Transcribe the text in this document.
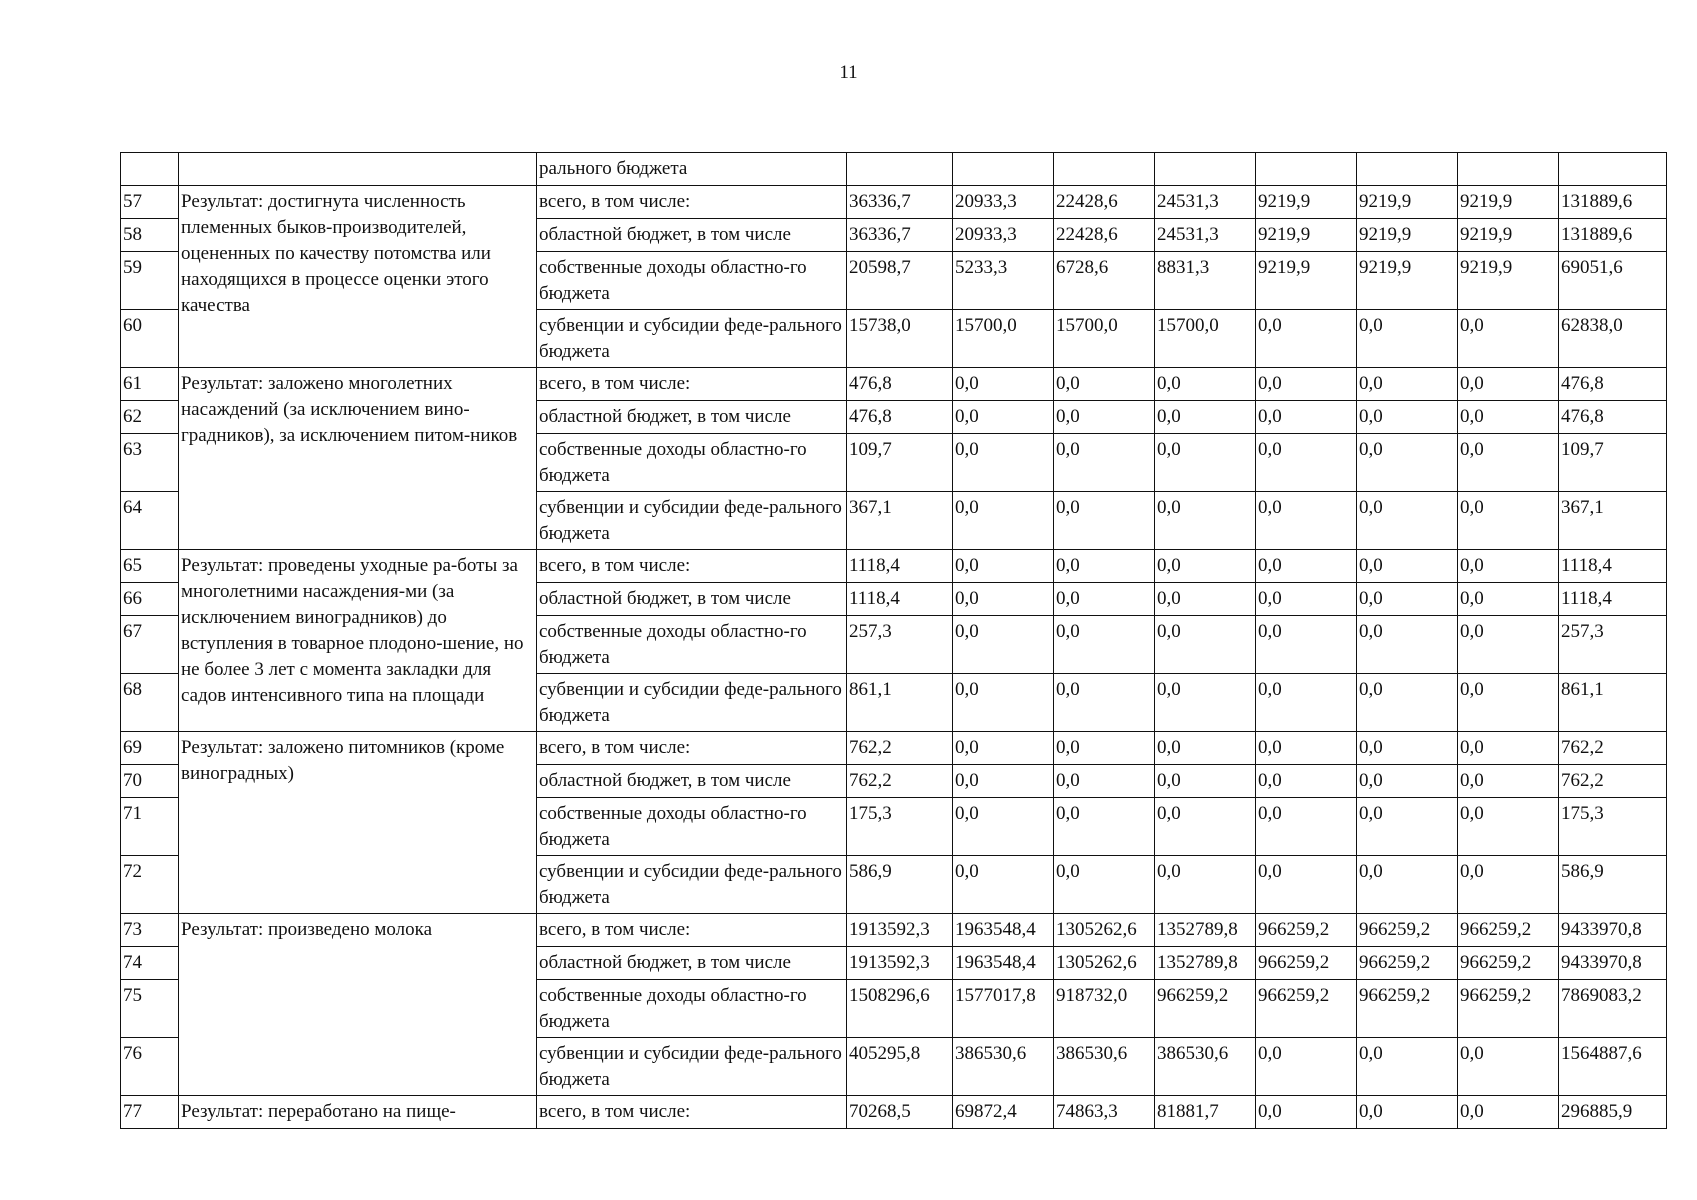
11
		рального бюджета								
57	Результат: достигнута численность племенных быков-производителей, оцененных по качеству потомства или находящихся в процессе оценки этого качества	всего, в том числе:	36336,7	20933,3	22428,6	24531,3	9219,9	9219,9	9219,9	131889,6
58		областной бюджет, в том числе	36336,7	20933,3	22428,6	24531,3	9219,9	9219,9	9219,9	131889,6
59		собственные доходы областно-го бюджета	20598,7	5233,3	6728,6	8831,3	9219,9	9219,9	9219,9	69051,6
60		субвенции и субсидии феде-рального бюджета	15738,0	15700,0	15700,0	15700,0	0,0	0,0	0,0	62838,0
61	Результат: заложено многолетних насаждений (за исключением вино-градников), за исключением питом-ников	всего, в том числе:	476,8	0,0	0,0	0,0	0,0	0,0	0,0	476,8
62		областной бюджет, в том числе	476,8	0,0	0,0	0,0	0,0	0,0	0,0	476,8
63		собственные доходы областно-го бюджета	109,7	0,0	0,0	0,0	0,0	0,0	0,0	109,7
64		субвенции и субсидии феде-рального бюджета	367,1	0,0	0,0	0,0	0,0	0,0	0,0	367,1
65	Результат: проведены уходные ра-боты за многолетними насаждения-ми (за исключением виноградников) до вступления в товарное плодоно-шение, но не более 3 лет с момента закладки для садов интенсивного типа на площади	всего, в том числе:	1118,4	0,0	0,0	0,0	0,0	0,0	0,0	1118,4
66		областной бюджет, в том числе	1118,4	0,0	0,0	0,0	0,0	0,0	0,0	1118,4
67		собственные доходы областно-го бюджета	257,3	0,0	0,0	0,0	0,0	0,0	0,0	257,3
68		субвенции и субсидии феде-рального бюджета	861,1	0,0	0,0	0,0	0,0	0,0	0,0	861,1
69	Результат: заложено питомников (кроме виноградных)	всего, в том числе:	762,2	0,0	0,0	0,0	0,0	0,0	0,0	762,2
70		областной бюджет, в том числе	762,2	0,0	0,0	0,0	0,0	0,0	0,0	762,2
71		собственные доходы областно-го бюджета	175,3	0,0	0,0	0,0	0,0	0,0	0,0	175,3
72		субвенции и субсидии феде-рального бюджета	586,9	0,0	0,0	0,0	0,0	0,0	0,0	586,9
73	Результат: произведено молока	всего, в том числе:	1913592,3	1963548,4	1305262,6	1352789,8	966259,2	966259,2	966259,2	9433970,8
74		областной бюджет, в том числе	1913592,3	1963548,4	1305262,6	1352789,8	966259,2	966259,2	966259,2	9433970,8
75		собственные доходы областно-го бюджета	1508296,6	1577017,8	918732,0	966259,2	966259,2	966259,2	966259,2	7869083,2
76		субвенции и субсидии феде-рального бюджета	405295,8	386530,6	386530,6	386530,6	0,0	0,0	0,0	1564887,6
77	Результат: переработано на пище-	всего, в том числе:	70268,5	69872,4	74863,3	81881,7	0,0	0,0	0,0	296885,9
